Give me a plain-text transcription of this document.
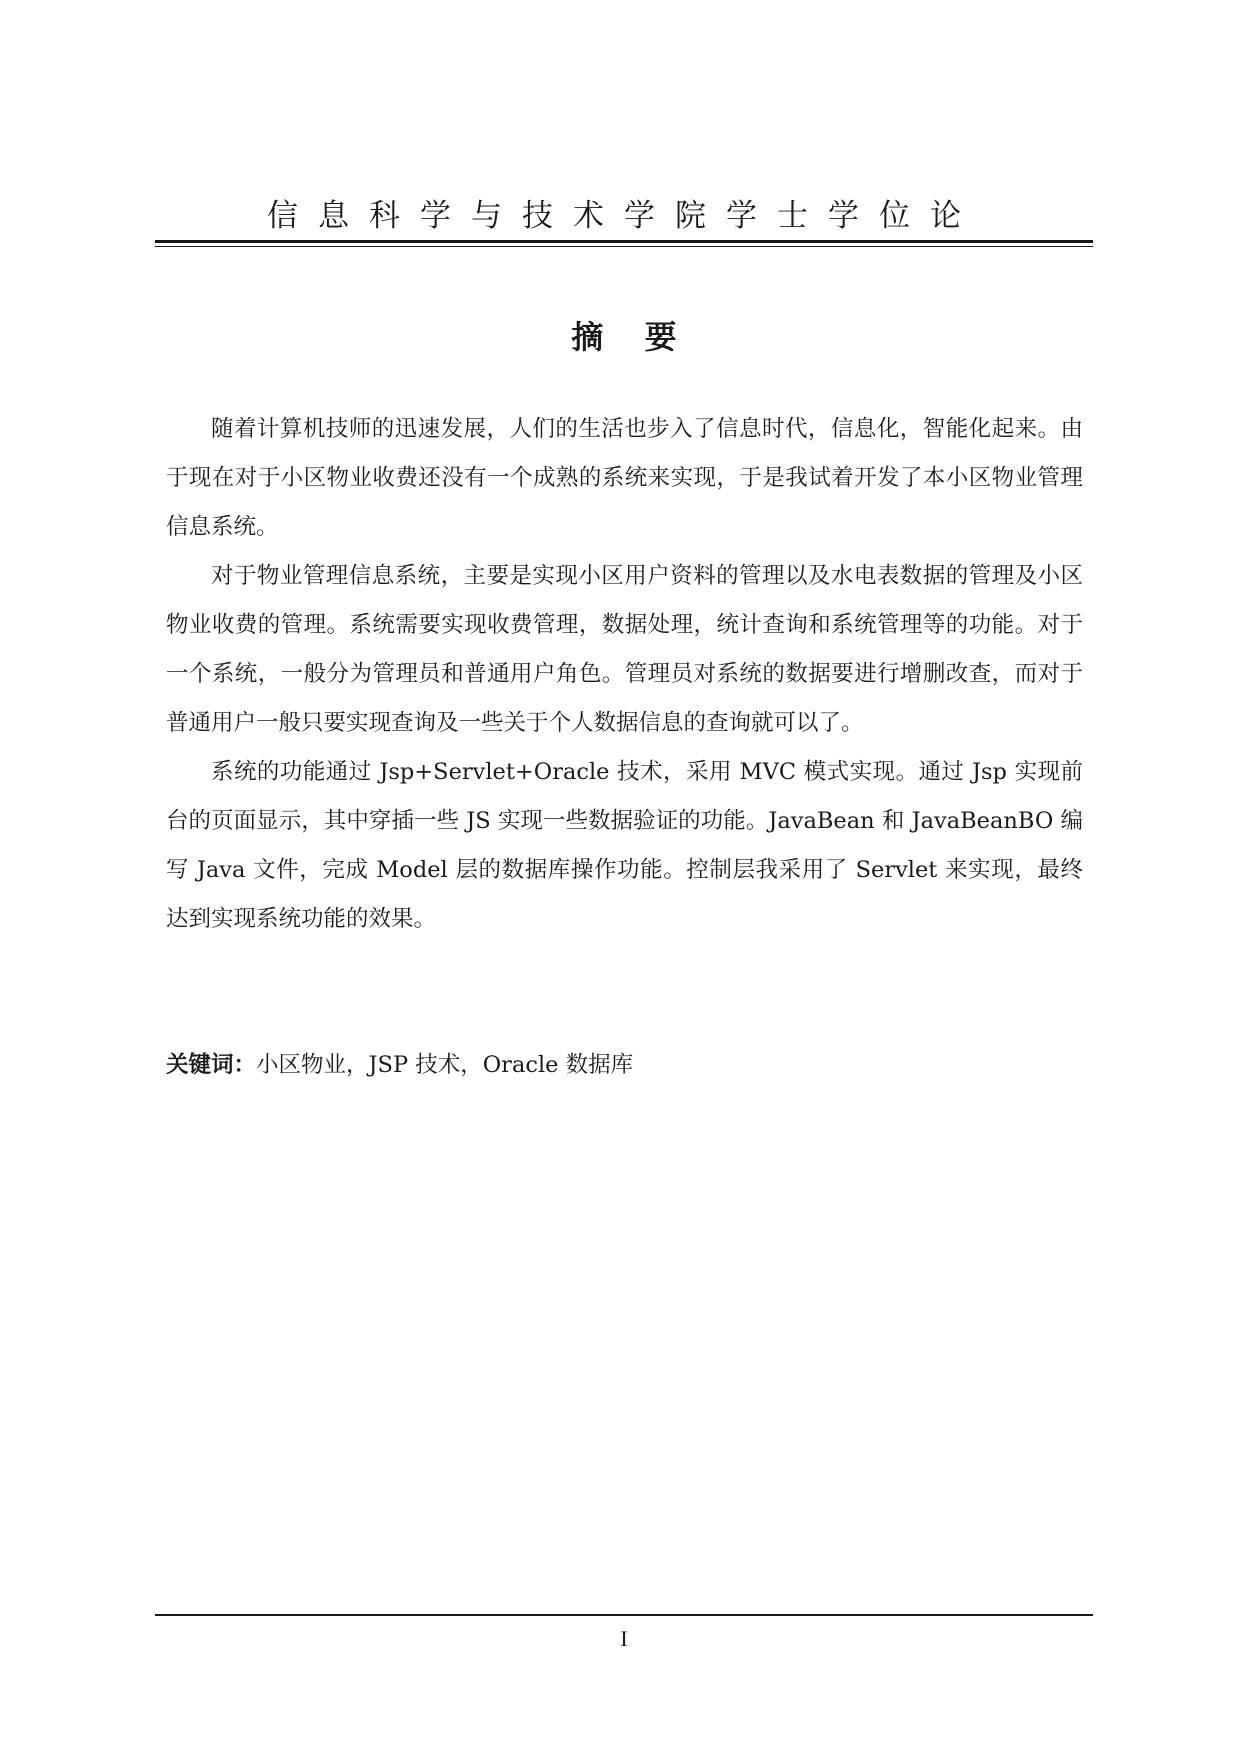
信息科学与技术学院学士学位论
摘 要

随着计算机技师的迅速发展，人们的生活也步入了信息时代，信息化，智能化起来。由于现在对于小区物业收费还没有一个成熟的系统来实现，于是我试着开发了本小区物业管理信息系统。

对于物业管理信息系统，主要是实现小区用户资料的管理以及水电表数据的管理及小区物业收费的管理。系统需要实现收费管理，数据处理，统计查询和系统管理等的功能。对于一个系统，一般分为管理员和普通用户角色。管理员对系统的数据要进行增删改查，而对于普通用户一般只要实现查询及一些关于个人数据信息的查询就可以了。

系统的功能通过 Jsp+Servlet+Oracle 技术，采用 MVC 模式实现。通过 Jsp 实现前台的页面显示，其中穿插一些 JS 实现一些数据验证的功能。JavaBean 和 JavaBeanBO 编写 Java 文件，完成 Model 层的数据库操作功能。控制层我采用了 Servlet 来实现，最终达到实现系统功能的效果。

关键词：小区物业，JSP 技术，Oracle 数据库
I
